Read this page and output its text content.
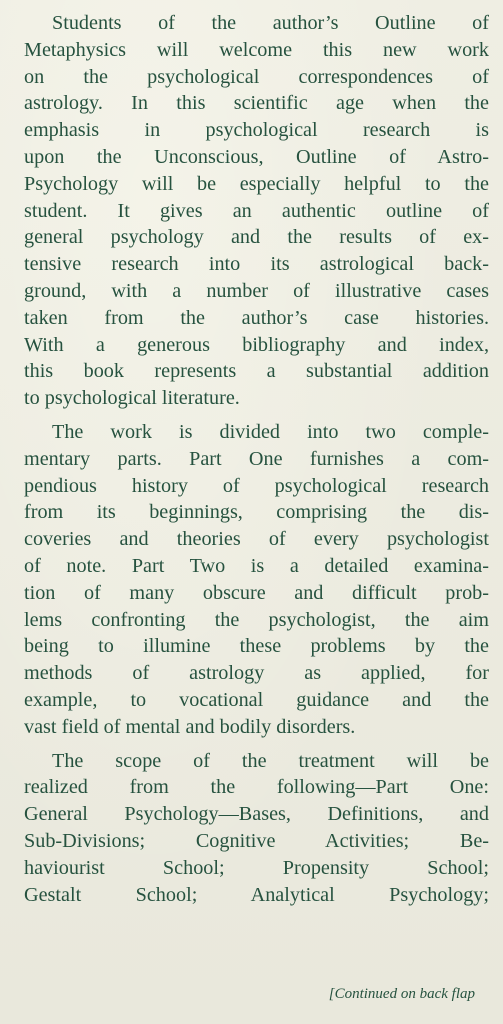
Students of the author’s Outline of
Metaphysics will welcome this new work
on the psychological correspondences of
astrology. In this scientific age when the
emphasis in psychological research is
upon the Unconscious, Outline of Astro-
Psychology will be especially helpful to the
student. It gives an authentic outline of
general psychology and the results of ex-
tensive research into its astrological back-
ground, with a number of illustrative cases
taken from the author’s case histories.
With a generous bibliography and index,
this book represents a substantial addition
to psychological literature.
The work is divided into two comple-
mentary parts. Part One furnishes a com-
pendious history of psychological research
from its beginnings, comprising the dis-
coveries and theories of every psychologist
of note. Part Two is a detailed examina-
tion of many obscure and difficult prob-
lems confronting the psychologist, the aim
being to illumine these problems by the
methods of astrology as applied, for
example, to vocational guidance and the
vast field of mental and bodily disorders.
The scope of the treatment will be
realized from the following—Part One:
General Psychology—Bases, Definitions, and
Sub-Divisions; Cognitive Activities; Be-
haviourist School; Propensity School;
Gestalt School; Analytical Psychology;
[Continued on back flap
